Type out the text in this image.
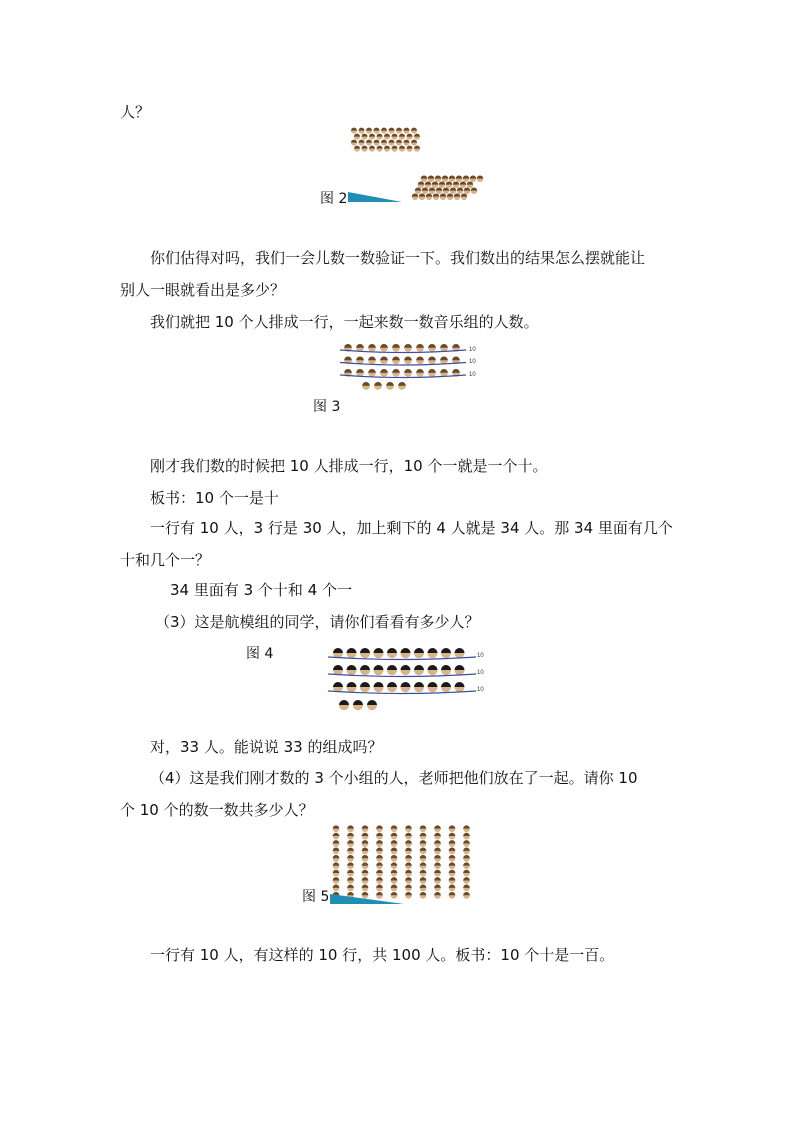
人？
图 2
你们估得对吗，我们一会儿数一数验证一下。我们数出的结果怎么摆就能让
别人一眼就看出是多少？
我们就把 10 个人排成一行，一起来数一数音乐组的人数。
10
10
10
图 3
刚才我们数的时候把 10 人排成一行，10 个一就是一个十。
板书：10 个一是十
一行有 10 人，3 行是 30 人，加上剩下的 4 人就是 34 人。那 34 里面有几个
十和几个一？
34 里面有 3 个十和 4 个一
（3）这是航模组的同学，请你们看看有多少人？
图 4	10
10
10
对，33 人。能说说 33 的组成吗？
（4）这是我们刚才数的 3 个小组的人，老师把他们放在了一起。请你 10
个 10 个的数一数共多少人？
图 5
一行有 10 人，有这样的 10 行，共 100 人。板书：10 个十是一百。
